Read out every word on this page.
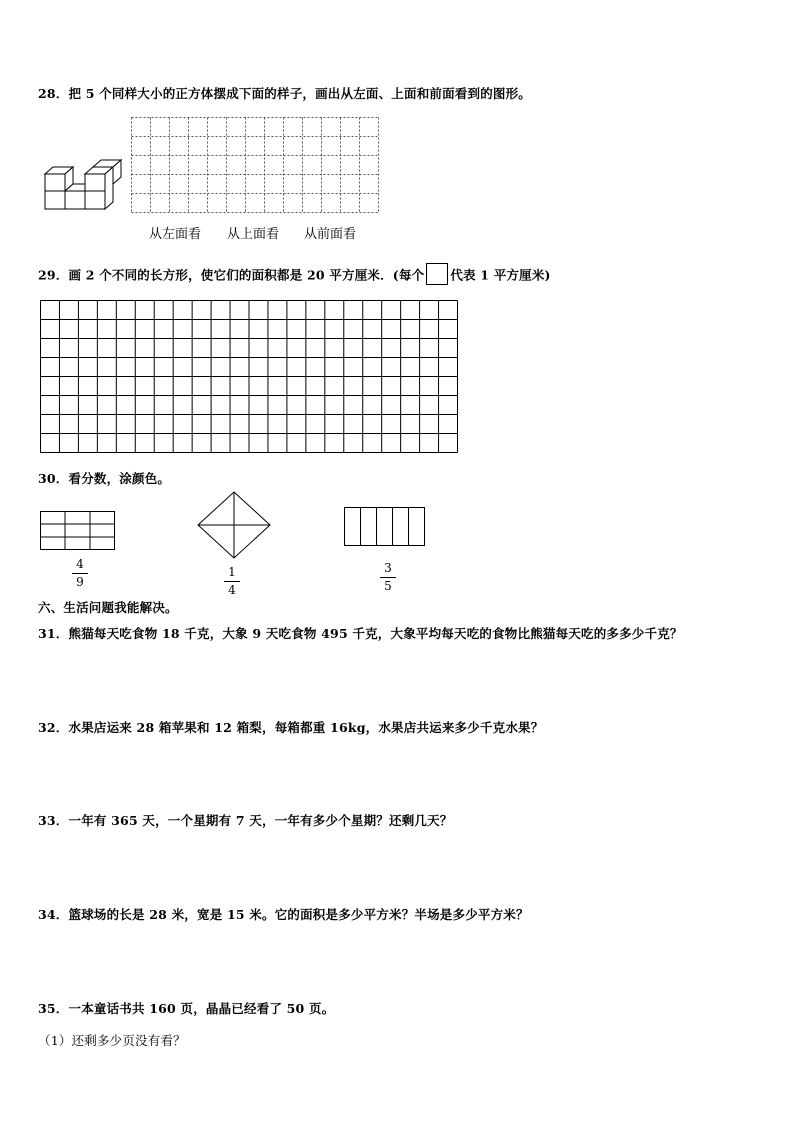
28．把 5 个同样大小的正方体摆成下面的样子，画出从左面、上面和前面看到的图形。
从左面看 从上面看 从前面看
29．画 2 个不同的长方形，使它们的面积都是 20 平方厘米．(每个 代表 1 平方厘米)
30．看分数，涂颜色。
4
9
1
4
3
5
六、生活问题我能解决。
31．熊猫每天吃食物 18 千克，大象 9 天吃食物 495 千克，大象平均每天吃的食物比熊猫每天吃的多多少千克？
32．水果店运来 28 箱苹果和 12 箱梨，每箱都重 16kg，水果店共运来多少千克水果？
33．一年有 365 天，一个星期有 7 天，一年有多少个星期？还剩几天？
34．篮球场的长是 28 米，宽是 15 米。它的面积是多少平方米？半场是多少平方米？
35．一本童话书共 160 页，晶晶已经看了 50 页。
（1）还剩多少页没有看？
